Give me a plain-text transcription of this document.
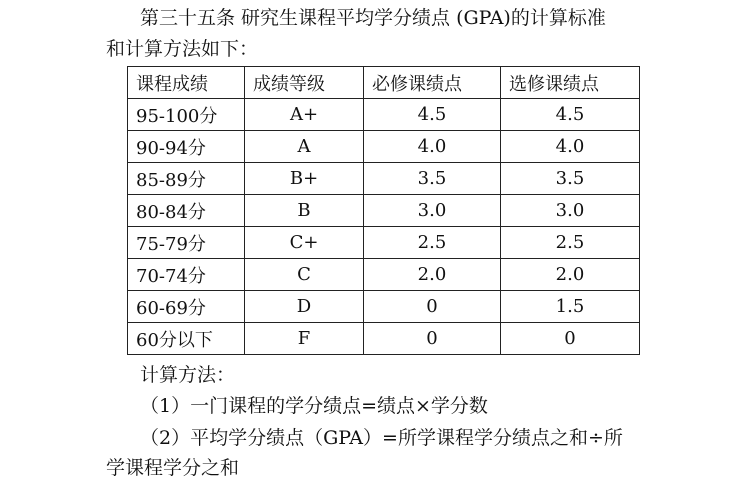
第三十五条 研究生课程平均学分绩点 (GPA)的计算标准
和计算方法如下：
课程成绩	成绩等级	必修课绩点	选修课绩点
95-100分	A+	4.5	4.5
90-94分	A	4.0	4.0
85-89分	B+	3.5	3.5
80-84分	B	3.0	3.0
75-79分	C+	2.5	2.5
70-74分	C	2.0	2.0
60-69分	D	0	1.5
60分以下	F	0	0
计算方法：
（1）一门课程的学分绩点=绩点×学分数
（2）平均学分绩点（GPA）=所学课程学分绩点之和÷所
学课程学分之和
